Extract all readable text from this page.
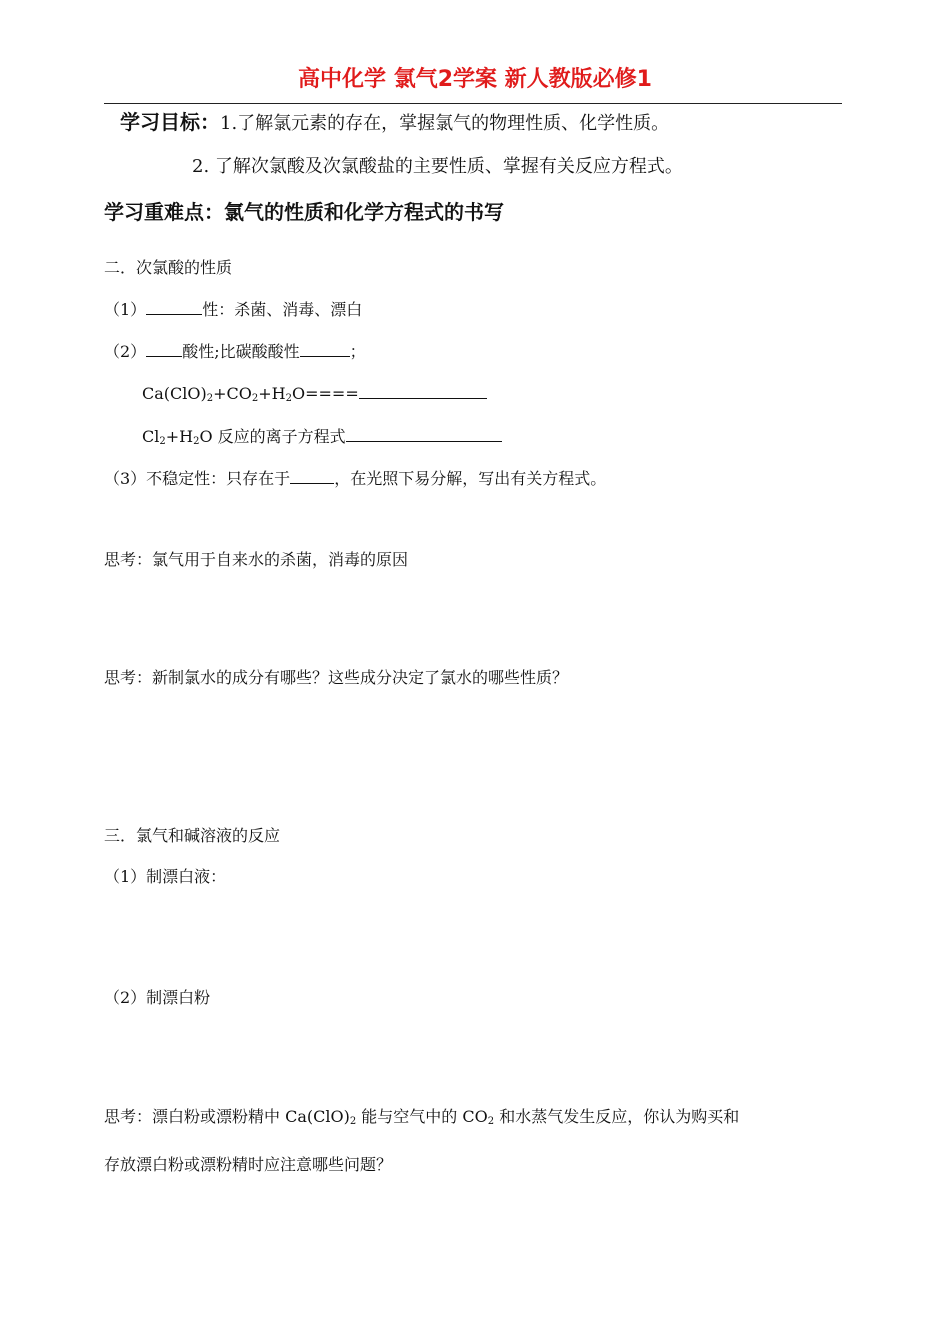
高中化学 氯气2学案 新人教版必修1
学习目标：1.了解氯元素的存在，掌握氯气的物理性质、化学性质。
2. 了解次氯酸及次氯酸盐的主要性质、掌握有关反应方程式。
学习重难点：氯气的性质和化学方程式的书写
二．次氯酸的性质
（1）	性：杀菌、消毒、漂白
（2） 酸性;比碳酸酸性	；
$Ca(ClO)_2+CO_2+H_2O====$
$Cl_2+H_2O$ 反应的离子方程式
（3）不稳定性：只存在于	，在光照下易分解，写出有关方程式。
思考：氯气用于自来水的杀菌，消毒的原因
思考：新制氯水的成分有哪些？这些成分决定了氯水的哪些性质？
三．氯气和碱溶液的反应
（1）制漂白液：
（2）制漂白粉
思考：漂白粉或漂粉精中 $Ca(ClO)_2$ 能与空气中的 $CO_2$ 和水蒸气发生反应，你认为购买和
存放漂白粉或漂粉精时应注意哪些问题？
